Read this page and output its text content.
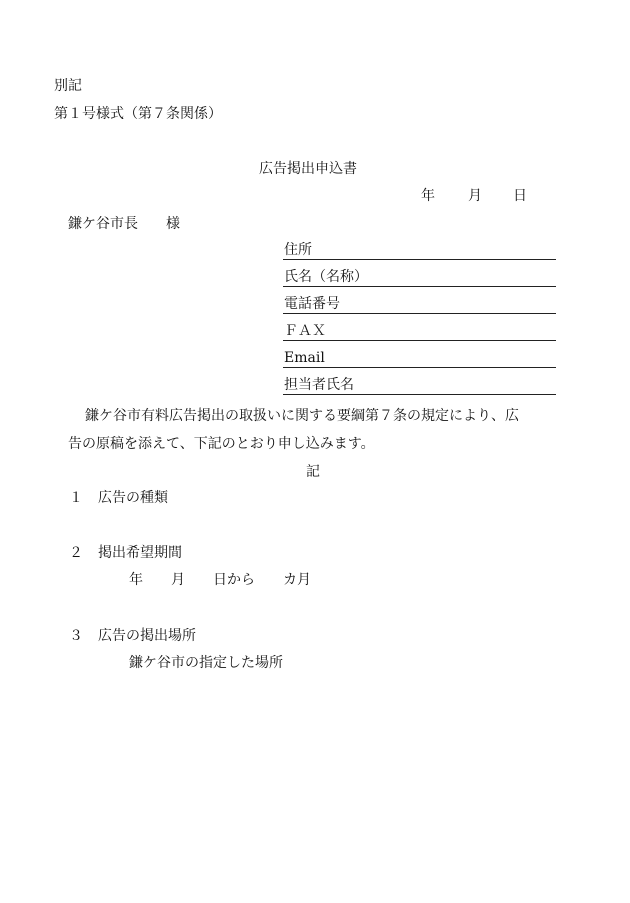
別記

第１号様式（第７条関係）

広告掲出申込書

年 月 日

鎌ケ谷市長　　様

住所
氏名（名称）
電話番号
ＦＡＸ
Email
担当者氏名

鎌ケ谷市有料広告掲出の取扱いに関する要綱第７条の規定により、広

告の原稿を添えて、下記のとおり申し込みます。

記

１ 広告の種類
２ 掲出希望期間
年　　月　　日から　　カ月
３ 広告の掲出場所
鎌ケ谷市の指定した場所
